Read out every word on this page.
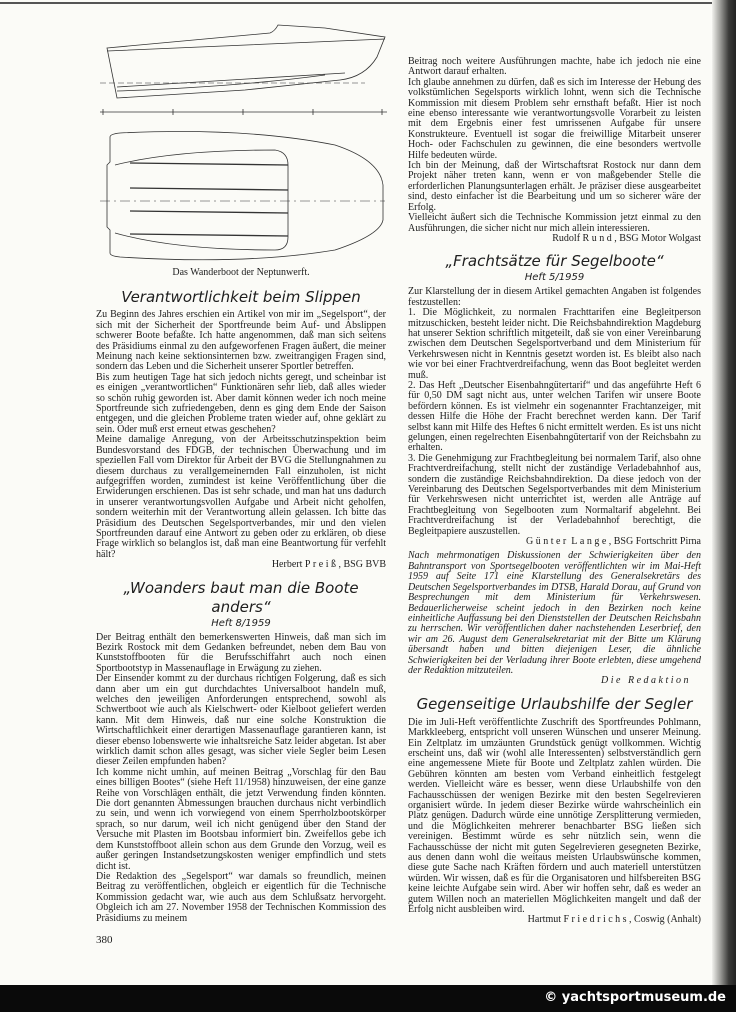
Das Wanderboot der Neptunwerft.
Verantwortlichkeit beim Slippen

Zu Beginn des Jahres erschien ein Artikel von mir im „Segelsport“, der sich mit der Sicherheit der Sportfreunde beim Auf- und Abslippen schwerer Boote befaßte. Ich hatte angenommen, daß man sich seitens des Präsidiums einmal zu den aufgeworfenen Fragen äußert, die meiner Meinung nach keine sektionsinternen bzw. zweitrangigen Fragen sind, sondern das Leben und die Sicherheit unserer Sportler betreffen.

Bis zum heutigen Tage hat sich jedoch nichts geregt, und scheinbar ist es einigen „verantwortlichen“ Funktionären sehr lieb, daß alles wieder so schön ruhig geworden ist. Aber damit können weder ich noch meine Sportfreunde sich zufriedengeben, denn es ging dem Ende der Saison entgegen, und die gleichen Probleme traten wieder auf, ohne geklärt zu sein. Oder muß erst erneut etwas geschehen?

Meine damalige Anregung, von der Arbeitsschutzinspektion beim Bundesvorstand des FDGB, der technischen Überwachung und im speziellen Fall vom Direktor für Arbeit der BVG die Stellungnahmen zu diesem durchaus zu verallgemeinernden Fall einzuholen, ist nicht aufgegriffen worden, zumindest ist keine Veröffentlichung über die Erwiderungen erschienen. Das ist sehr schade, und man hat uns dadurch in unserer verantwortungsvollen Aufgabe und Arbeit nicht geholfen, sondern weiterhin mit der Verantwortung allein gelassen. Ich bitte das Präsidium des Deutschen Segelsportverbandes, mir und den vielen Sportfreunden darauf eine Antwort zu geben oder zu erklären, ob diese Frage wirklich so belanglos ist, daß man eine Beantwortung für verfehlt hält?

Herbert Preiß, BSG BVB
„Woanders baut man die Boote anders“
Heft 8/1959

Der Beitrag enthält den bemerkenswerten Hinweis, daß man sich im Bezirk Rostock mit dem Gedanken befreundet, neben dem Bau von Kunststoffbooten für die Berufsschiffahrt auch noch einen Sportbootstyp in Massenauflage in Erwägung zu ziehen.

Der Einsender kommt zu der durchaus richtigen Folgerung, daß es sich dann aber um ein gut durchdachtes Universalboot handeln muß, welches den jeweiligen Anforderungen entsprechend, sowohl als Schwertboot wie auch als Kielschwert- oder Kielboot geliefert werden kann. Mit dem Hinweis, daß nur eine solche Konstruktion die Wirtschaftlichkeit einer derartigen Massenauflage garantieren kann, ist dieser ebenso lobenswerte wie inhaltsreiche Satz leider abgetan. Ist aber wirklich damit schon alles gesagt, was sicher viele Segler beim Lesen dieser Zeilen empfunden haben?

Ich komme nicht umhin, auf meinen Beitrag „Vorschlag für den Bau eines billigen Bootes“ (siehe Heft 11/1958) hinzuweisen, der eine ganze Reihe von Vorschlägen enthält, die jetzt Verwendung finden könnten. Die dort genannten Abmessungen brauchen durchaus nicht verbindlich zu sein, und wenn ich vorwiegend von einem Sperrholzbootskörper sprach, so nur darum, weil ich nicht genügend über den Stand der Versuche mit Plasten im Bootsbau informiert bin. Zweifellos gebe ich dem Kunststoffboot allein schon aus dem Grunde den Vorzug, weil es außer geringen Instandsetzungskosten weniger empfindlich und stets dicht ist.

Die Redaktion des „Segelsport“ war damals so freundlich, meinen Beitrag zu veröffentlichen, obgleich er eigentlich für die Technische Kommission gedacht war, wie auch aus dem Schlußsatz hervorgeht. Obgleich ich am 27. November 1958 der Technischen Kommission des Präsidiums zu meinem

380

Beitrag noch weitere Ausführungen machte, habe ich jedoch nie eine Antwort darauf erhalten.

Ich glaube annehmen zu dürfen, daß es sich im Interesse der Hebung des volkstümlichen Segelsports wirklich lohnt, wenn sich die Technische Kommission mit diesem Problem sehr ernsthaft befaßt. Hier ist noch eine ebenso interessante wie verantwortungsvolle Vorarbeit zu leisten mit dem Ergebnis einer fest umrissenen Aufgabe für unsere Konstrukteure. Eventuell ist sogar die freiwillige Mitarbeit unserer Hoch- oder Fachschulen zu gewinnen, die eine besonders wertvolle Hilfe bedeuten würde.

Ich bin der Meinung, daß der Wirtschaftsrat Rostock nur dann dem Projekt näher treten kann, wenn er von maßgebender Stelle die erforderlichen Planungsunterlagen erhält. Je präziser diese ausgearbeitet sind, desto einfacher ist die Bearbeitung und um so sicherer wäre der Erfolg.

Vielleicht äußert sich die Technische Kommission jetzt einmal zu den Ausführungen, die sicher nicht nur mich allein interessieren.

Rudolf Rund, BSG Motor Wolgast
„Frachtsätze für Segelboote“
Heft 5/1959

Zur Klarstellung der in diesem Artikel gemachten Angaben ist folgendes festzustellen:

1. Die Möglichkeit, zu normalen Frachttarifen eine Begleitperson mitzuschicken, besteht leider nicht. Die Reichsbahndirektion Magdeburg hat unserer Sektion schriftlich mitgeteilt, daß sie von einer Vereinbarung zwischen dem Deutschen Segelsportverband und dem Ministerium für Verkehrswesen nicht in Kenntnis gesetzt worden ist. Es bleibt also nach wie vor bei einer Frachtverdreifachung, wenn das Boot begleitet werden muß.

2. Das Heft „Deutscher Eisenbahngütertarif“ und das angeführte Heft 6 für 0,50 DM sagt nicht aus, unter welchen Tarifen wir unsere Boote befördern können. Es ist vielmehr ein sogenannter Frachtanzeiger, mit dessen Hilfe die Höhe der Fracht berechnet werden kann. Der Tarif selbst kann mit Hilfe des Heftes 6 nicht ermittelt werden. Es ist uns nicht gelungen, einen regelrechten Eisenbahngütertarif von der Reichsbahn zu erhalten.

3. Die Genehmigung zur Frachtbegleitung bei normalem Tarif, also ohne Frachtverdreifachung, stellt nicht der zuständige Verladebahnhof aus, sondern die zuständige Reichsbahndirektion. Da diese jedoch von der Vereinbarung des Deutschen Segelsportverbandes mit dem Ministerium für Verkehrswesen nicht unterrichtet ist, werden alle Anträge auf Frachtbegleitung von Segelbooten zum Normaltarif abgelehnt. Bei Frachtverdreifachung ist der Verladebahnhof berechtigt, die Begleitpapiere auszustellen.

Günter Lange, BSG Fortschritt Pirna

Nach mehrmonatigen Diskussionen der Schwierigkeiten über den Bahntransport von Sportsegelbooten veröffentlichten wir im Mai-Heft 1959 auf Seite 171 eine Klarstellung des Generalsekretärs des Deutschen Segelsportverbandes im DTSB, Harald Dorau, auf Grund von Besprechungen mit dem Ministerium für Verkehrswesen. Bedauerlicherweise scheint jedoch in den Bezirken noch keine einheitliche Auffassung bei den Dienststellen der Deutschen Reichsbahn zu herrschen. Wir veröffentlichen daher nachstehenden Leserbrief, den wir am 26. August dem Generalsekretariat mit der Bitte um Klärung übersandt haben und bitten diejenigen Leser, die ähnliche Schwierigkeiten bei der Verladung ihrer Boote erlebten, diese umgehend der Redaktion mitzuteilen.

Die Redaktion
Gegenseitige Urlaubshilfe der Segler

Die im Juli-Heft veröffentlichte Zuschrift des Sportfreundes Pohlmann, Markkleeberg, entspricht voll unseren Wünschen und unserer Meinung. Ein Zeltplatz im umzäunten Grundstück genügt vollkommen. Wichtig erscheint uns, daß wir (wohl alle Interessenten) selbstverständlich gern eine angemessene Miete für Boote und Zeltplatz zahlen würden. Die Gebühren könnten am besten vom Verband einheitlich festgelegt werden. Vielleicht wäre es besser, wenn diese Urlaubshilfe von den Fachausschüssen der wenigen Bezirke mit den besten Segelrevieren organisiert würde. In jedem dieser Bezirke würde wahrscheinlich ein Platz genügen. Dadurch würde eine unnötige Zersplitterung vermieden, und die Möglichkeiten mehrerer benachbarter BSG ließen sich vereinigen. Bestimmt würde es sehr nützlich sein, wenn die Fachausschüsse der nicht mit guten Segelrevieren gesegneten Bezirke, aus denen dann wohl die weitaus meisten Urlaubswünsche kommen, diese gute Sache nach Kräften fördern und auch materiell unterstützen würden. Wir wissen, daß es für die Organisatoren und hilfsbereiten BSG keine leichte Aufgabe sein wird. Aber wir hoffen sehr, daß es weder an gutem Willen noch an materiellen Möglichkeiten mangelt und daß der Erfolg nicht ausbleiben wird.

Hartmut Friedrichs, Coswig (Anhalt)
© yachtsportmuseum.de
